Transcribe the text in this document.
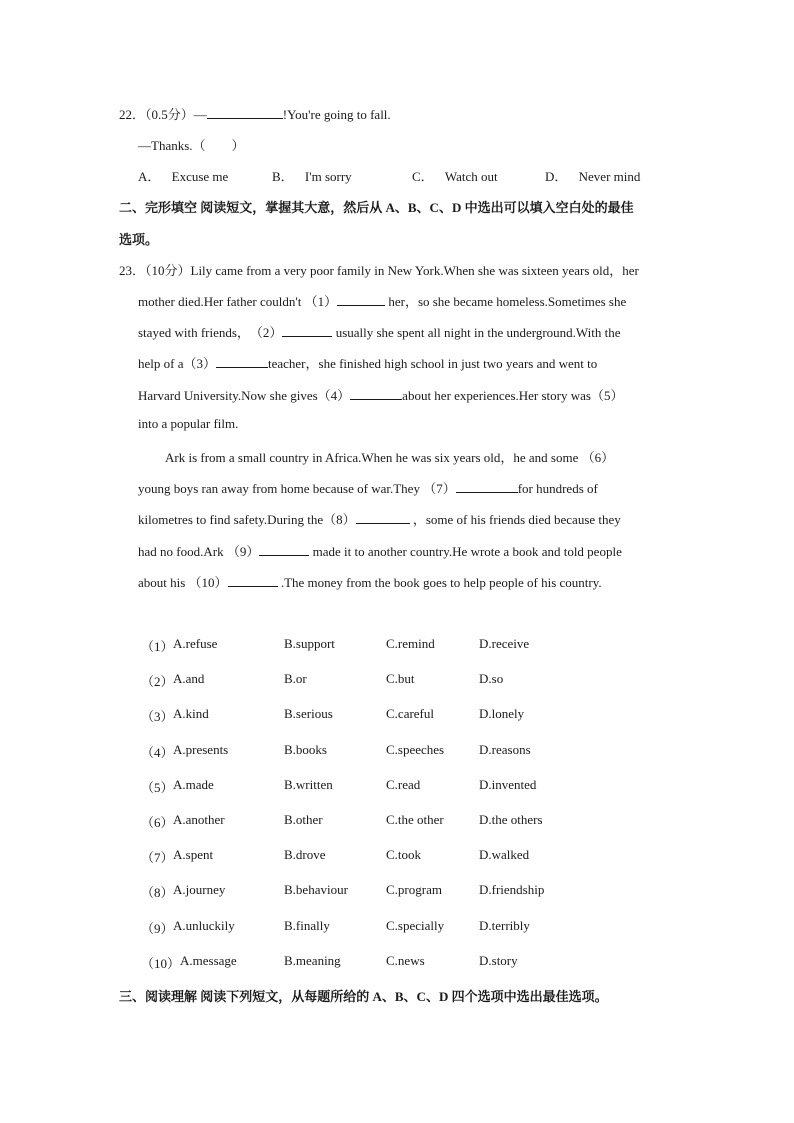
22．（0.5分）—	!You're going to fall.
—Thanks.（　　）
A． Excuse me	B． I'm sorry	C． Watch out	D． Never mind
二、完形填空 阅读短文，掌握其大意，然后从 A、B、C、D 中选出可以填入空白处的最佳
选项。
23．（10分）Lily came from a very poor family in New York.When she was sixteen years old，her
mother died.Her father couldn't （1）	her，so she became homeless.Sometimes she
stayed with friends，　（2）	usually she spent all night in the underground.With the
help of a（3）	teacher，she finished high school in just two years and went to
Harvard University.Now she gives（4）	about her experiences.Her story was（5）
into a popular film.
Ark is from a small country in Africa.When he was six years old，he and some （6）
young boys ran away from home because of war.They （7）	for hundreds of
kilometres to find safety.During the（8）	，some of his friends died because they
had no food.Ark （9）	made it to another country.He wrote a book and told people
about his （10）	.The money from the book goes to help people of his country.
（1） A.refuse	B.support	C.remind	D.receive
（2） A.and	B.or	C.but	D.so
（3） A.kind	B.serious	C.careful	D.lonely
（4） A.presents	B.books	C.speeches	D.reasons
（5） A.made	B.written	C.read	D.invented
（6） A.another	B.other	C.the other	D.the others
（7） A.spent	B.drove	C.took	D.walked
（8） A.journey	B.behaviour	C.program	D.friendship
（9） A.unluckily	B.finally	C.specially	D.terribly
（10） A.message	B.meaning	C.news	D.story
三、阅读理解 阅读下列短文，从每题所给的 A、B、C、D 四个选项中选出最佳选项。
